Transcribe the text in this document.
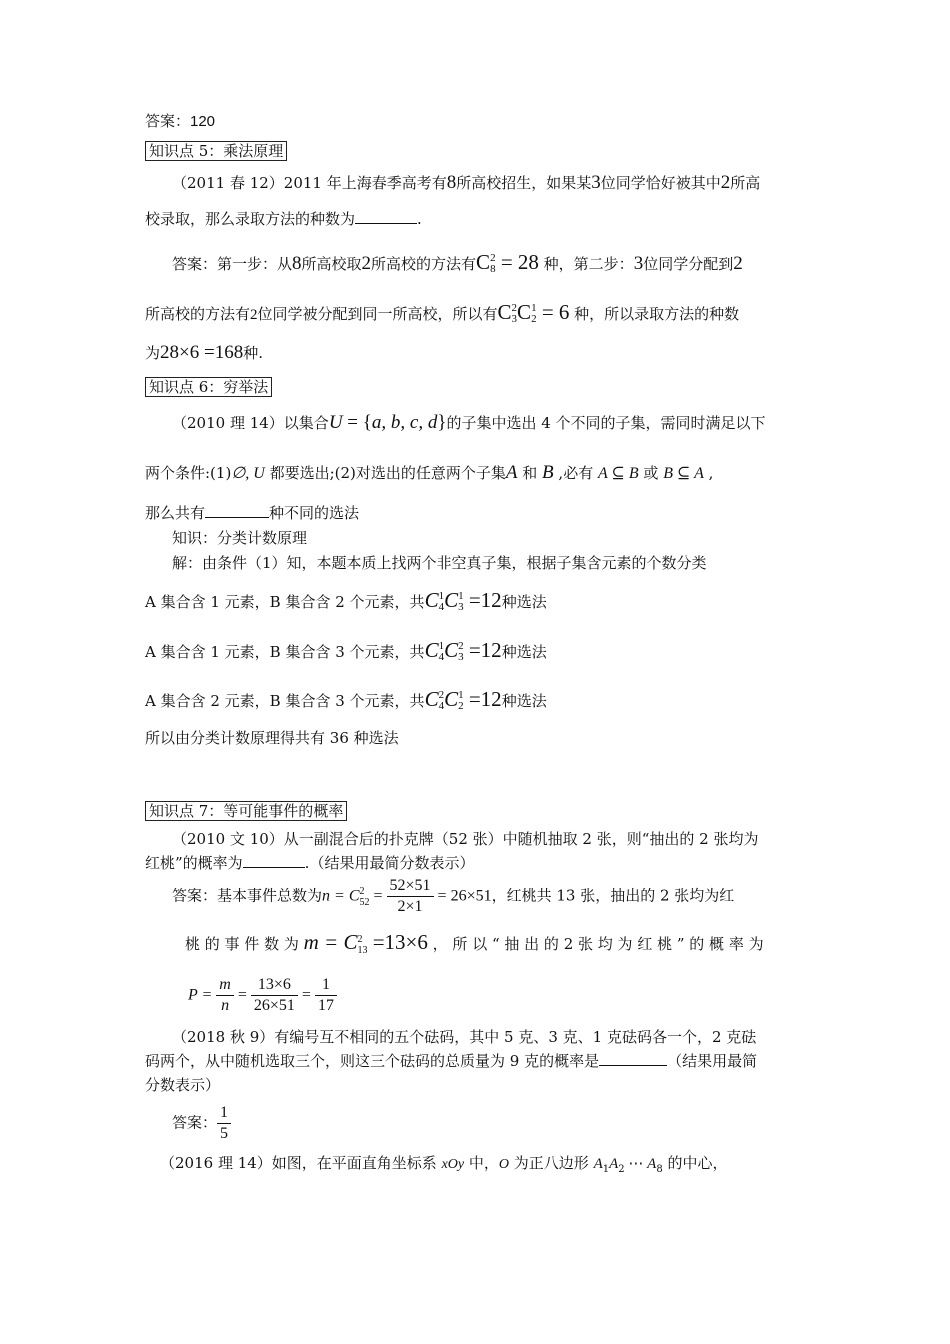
答案：120
知识点 5：乘法原理
（2011 春 12）2011 年上海春季高考有8所高校招生，如果某3位同学恰好被其中2所高
校录取，那么录取方法的种数为	.
答案：第一步：从8所高校取2所高校的方法有C 2
8 = 28 种，第二步：3位同学分配到2
所高校的方法有2位同学被分配到同一所高校，所以有C 2
3 C 1
2 = 6 种，所以录取方法的种数
为28×6 =168种.
知识点 6：穷举法
（2010 理 14）以集合U = {a, b, c, d}的子集中选出 4 个不同的子集，需同时满足以下
两个条件:(1)∅, U 都要选出;(2)对选出的任意两个子集A 和 B ,必有 A ⊆ B 或 B ⊆ A ,
那么共有	种不同的选法
知识：分类计数原理
解：由条件（1）知，本题本质上找两个非空真子集，根据子集含元素的个数分类
A 集合含 1 元素，B 集合含 2 个元素，共C 1
4 C 1
3 =12种选法
A 集合含 1 元素，B 集合含 3 个元素，共C 1
4 C 2
3 =12种选法
A 集合含 2 元素，B 集合含 3 个元素，共C 2
4 C 1
2 =12种选法
所以由分类计数原理得共有 36 种选法
知识点 7：等可能事件的概率
（2010 文 10）从一副混合后的扑克牌（52 张）中随机抽取 2 张，则“抽出的 2 张均为
红桃”的概率为	.（结果用最简分数表示）
答案：基本事件总数为n = C 2
$52 = \frac{52\times 51}{2\times 1} = 26\times 51$，红桃共 13 张，抽出的 2 张均为红
桃 的 事 件 数 为 m = C 2
13 =13×6 ， 所 以 “ 抽 出 的 2 张 均 为 红 桃 ” 的 概 率 为
$P = \frac{m}{n} = \frac{13\times 6}{26\times 51} = \frac{1}{17}$
（2018 秋 9）有编号互不相同的五个砝码，其中 5 克、3 克、1 克砝码各一个，2 克砝
码两个，从中随机选取三个，则这三个砝码的总质量为 9 克的概率是	（结果用最简
分数表示）
答案： $\frac{1}{5}$
（2016 理 14）如图，在平面直角坐标系 xOy 中，O 为正八边形 $A_1A_2$ ⋯ $A_8$ 的中心，
